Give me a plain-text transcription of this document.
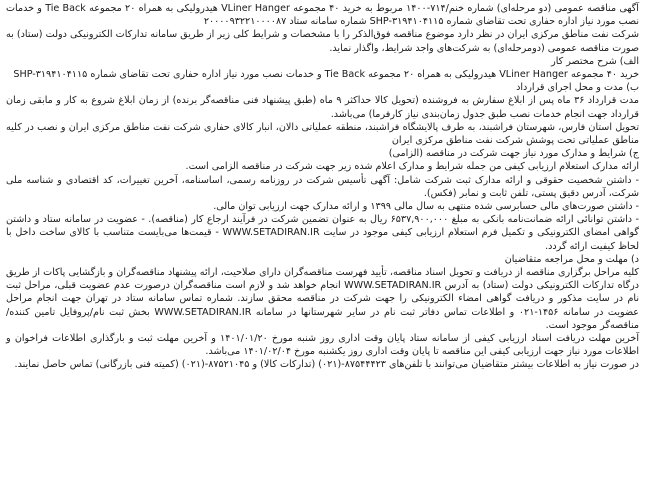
آگهی مناقصه عمومی (دو مرحله‌ای) شماره خنم/۷۱۴-۱۴۰۰ مربوط به خرید ۴۰ مجموعه VLiner Hanger هیدرولیکی به همراه ۲۰ مجموعه Tie Back و خدمات نصب مورد نیاز اداره حفاری تحت تقاضای شماره SHP-۳۱۹۴۱۰۴۱۱۵ شماره سامانه ستاد ۲۰۰۰۰۹۳۲۲۱۰۰۰۰۸۷
شرکت نفت مناطق مرکزی ایران در نظر دارد موضوع مناقصه فوق‌الذکر را با مشخصات و شرایط کلی زیر از طریق سامانه تدارکات الکترونیکی دولت (ستاد) به صورت مناقصه عمومی (دومرحله‌ای) به شرکت‌های واجد شرایط، واگذار نماید.
الف) شرح مختصر کار
خرید ۴۰ مجموعه VLiner Hanger هیدرولیکی به همراه ۲۰ مجموعه Tie Back و خدمات نصب مورد نیاز اداره حفاری تحت تقاضای شماره SHP-۳۱۹۴۱۰۴۱۱۵
ب) مدت و محل اجرای قرارداد
مدت قرارداد ۳۶ ماه پس از ابلاغ سفارش به فروشنده (تحویل کالا حداکثر ۹ ماه (طبق پیشنهاد فنی مناقصه‌گر برنده) از زمان ابلاغ شروع به کار و مابقی زمان قرارداد جهت انجام خدمات نصب طبق جدول زمان‌بندی نیاز کارفرما) می‌باشد.
تحویل استان فارس، شهرستان فراشبند، به طرف پالایشگاه فراشبند، منطقه عملیاتی دالان، انبار کالای حفاری شرکت نفت مناطق مرکزی ایران و نصب در کلیه مناطق عملیاتی تحت پوشش شرکت نفت مناطق مرکزی ایران
ج) شرایط و مدارک مورد نیاز جهت شرکت در مناقصه (الزامی)
ارائه مدارک استعلام ارزیابی کیفی من جمله شرایط و مدارک اعلام شده زیر جهت شرکت در مناقصه الزامی است.
- داشتن شخصیت حقوقی و ارائه مدارک ثبت شرکت شامل: آگهی تأسیس شرکت در روزنامه رسمی، اساسنامه، آخرین تغییرات، کد اقتصادی و شناسه ملی شرکت، آدرس دقیق پستی، تلفن ثابت و نمابر (فکس).
- داشتن صورت‌های مالی حسابرسی شده منتهی به سال مالی ۱۳۹۹ و ارائه مدارک جهت ارزیابی توان مالی.
- داشتن توانائی ارائه ضمانت‌نامه بانکی به مبلغ ۶۵۳۷,۹۰۰,۰۰۰ ریال به عنوان تضمین شرکت در فرآیند ارجاع کار (مناقصه). - عضویت در سامانه ستاد و داشتن گواهی امضای الکترونیکی و تکمیل فرم استعلام ارزیابی کیفی موجود در سایت WWW.SETADIRAN.IR - قیمت‌ها می‌بایست متناسب با کالای ساخت داخل با لحاظ کیفیت ارائه گردد.
د) مهلت و محل مراجعه متقاضیان
کلیه مراحل برگزاری مناقصه از دریافت و تحویل اسناد مناقصه، تأیید فهرست مناقصه‌گران دارای صلاحیت، ارائه پیشنهاد مناقصه‌گران و بازگشایی پاکات از طریق درگاه تدارکات الکترونیکی دولت (ستاد) به آدرس WWW.SETADIRAN.IR انجام خواهد شد و لازم است مناقصه‌گران درصورت عدم عضویت قبلی، مراحل ثبت نام در سایت مذکور و دریافت گواهی امضاء الکترونیکی را جهت شرکت در مناقصه محقق سازند. شماره تماس سامانه ستاد در تهران جهت انجام مراحل عضویت در سامانه ۱۴۵۶-۰۲۱ و اطلاعات تماس دفاتر ثبت نام در سایر شهرستانها در سامانه WWW.SETADIRAN.IR بخش ثبت نام/پروفایل تامین کننده/مناقصه‌گر موجود است.
آخرین مهلت دریافت اسناد ارزیابی کیفی از سامانه ستاد پایان وقت اداری روز شنبه مورخ ۱۴۰۱/۰۱/۲۰ و آخرین مهلت ثبت و بارگذاری اطلاعات فراخوان و اطلاعات مورد نیاز جهت ارزیابی کیفی این مناقصه تا پایان وقت اداری روز یکشنبه مورخ ۱۴۰۱/۰۲/۰۴ می‌باشد.
در صورت نیاز به اطلاعات بیشتر متقاضیان می‌توانند با تلفن‌های ۸۷۵۴۴۴۲۳-(۰۲۱) (تدارکات کالا) و ۸۷۵۲۱۰۴۵-(۰۲۱) (کمیته فنی بازرگانی) تماس حاصل نمایند.
